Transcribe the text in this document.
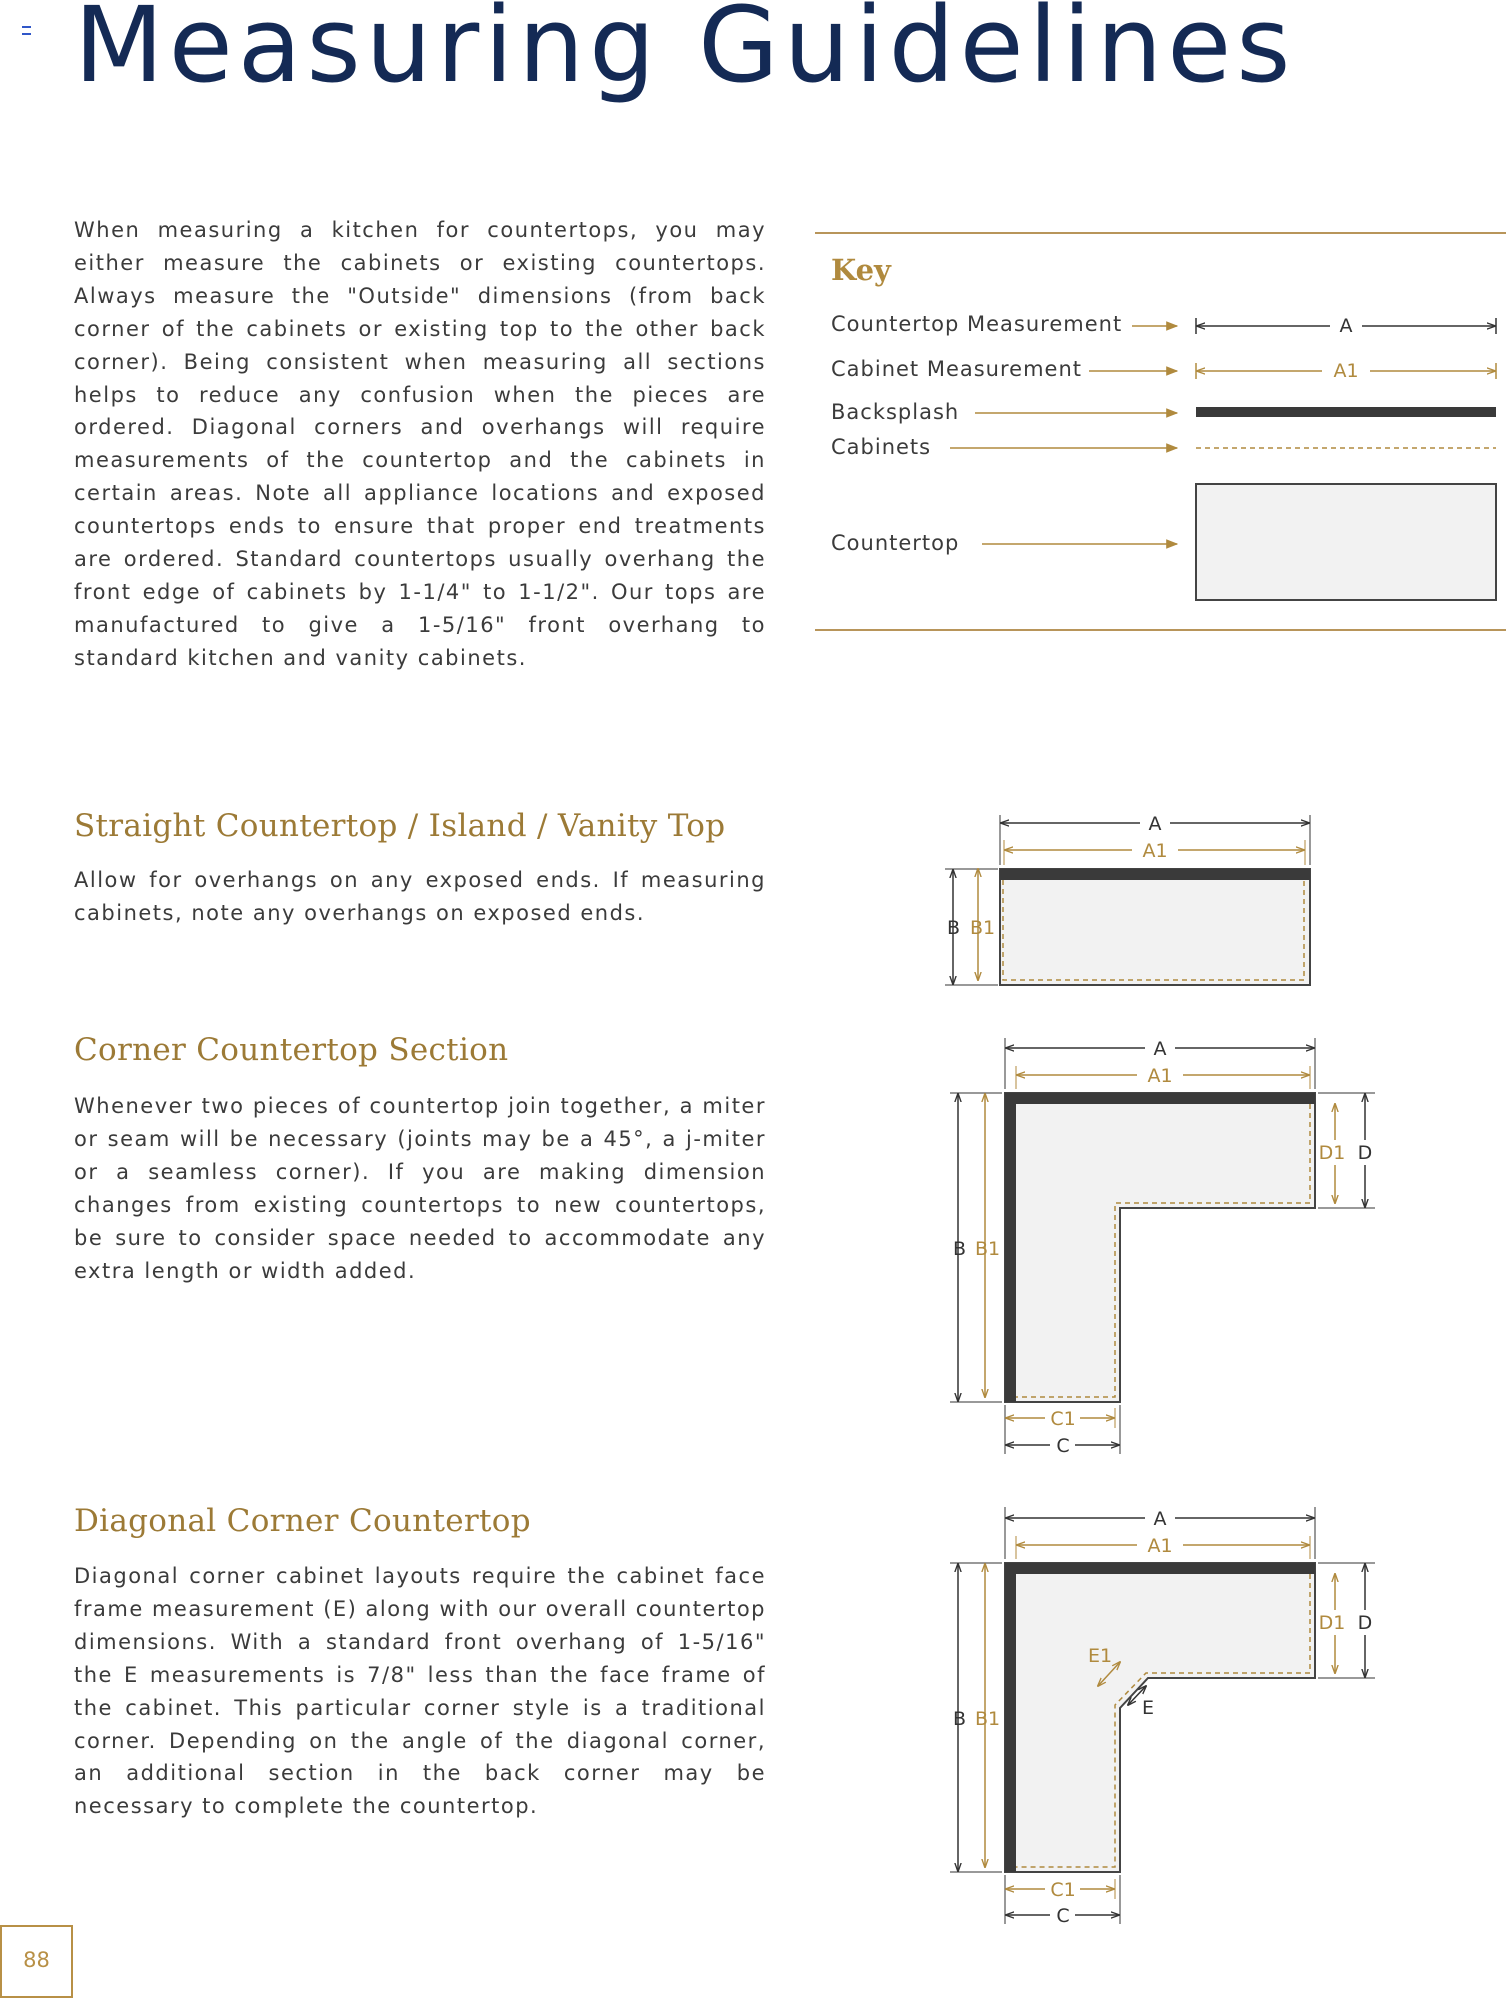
Measuring Guidelines

When measuring a kitchen for countertops, you may either measure the cabinets or existing countertops. Always measure the "Outside" dimensions (from back corner of the cabinets or existing top to the other back corner). Being consistent when measuring all sections helps to reduce any confusion when the pieces are ordered. Diagonal corners and overhangs will require measurements of the countertop and the cabinets in certain areas. Note all appliance locations and exposed countertops ends to ensure that proper end treatments are ordered. Standard countertops usually overhang the front edge of cabinets by 1-1/4" to 1-1/2". Our tops are manufactured to give a 1-5/16" front overhang to standard kitchen and vanity cabinets.

Key
Countertop Measurement
Cabinet Measurement
Backsplash
Cabinets
Countertop
Straight Countertop / Island / Vanity Top

Allow for overhangs on any exposed ends. If measuring cabinets, note any overhangs on exposed ends.

Corner Countertop Section

Whenever two pieces of countertop join together, a miter or seam will be necessary (joints may be a 45°, a j-miter or a seamless corner). If you are making dimension changes from existing countertops to new countertops, be sure to consider space needed to accommodate any extra length or width added.

Diagonal Corner Countertop

Diagonal corner cabinet layouts require the cabinet face frame measurement (E) along with our overall countertop dimensions. With a standard front overhang of 1-5/16" the E measurements is 7/8" less than the face frame of the cabinet. This particular corner style is a traditional corner. Depending on the angle of the diagonal corner, an additional section in the back corner may be necessary to complete the countertop.

A
A1
A
A1
B B1
A
A1
B B1
C
C1
D1 D
A
A1
B B1
C
C1
D1 D
E1
E
88
